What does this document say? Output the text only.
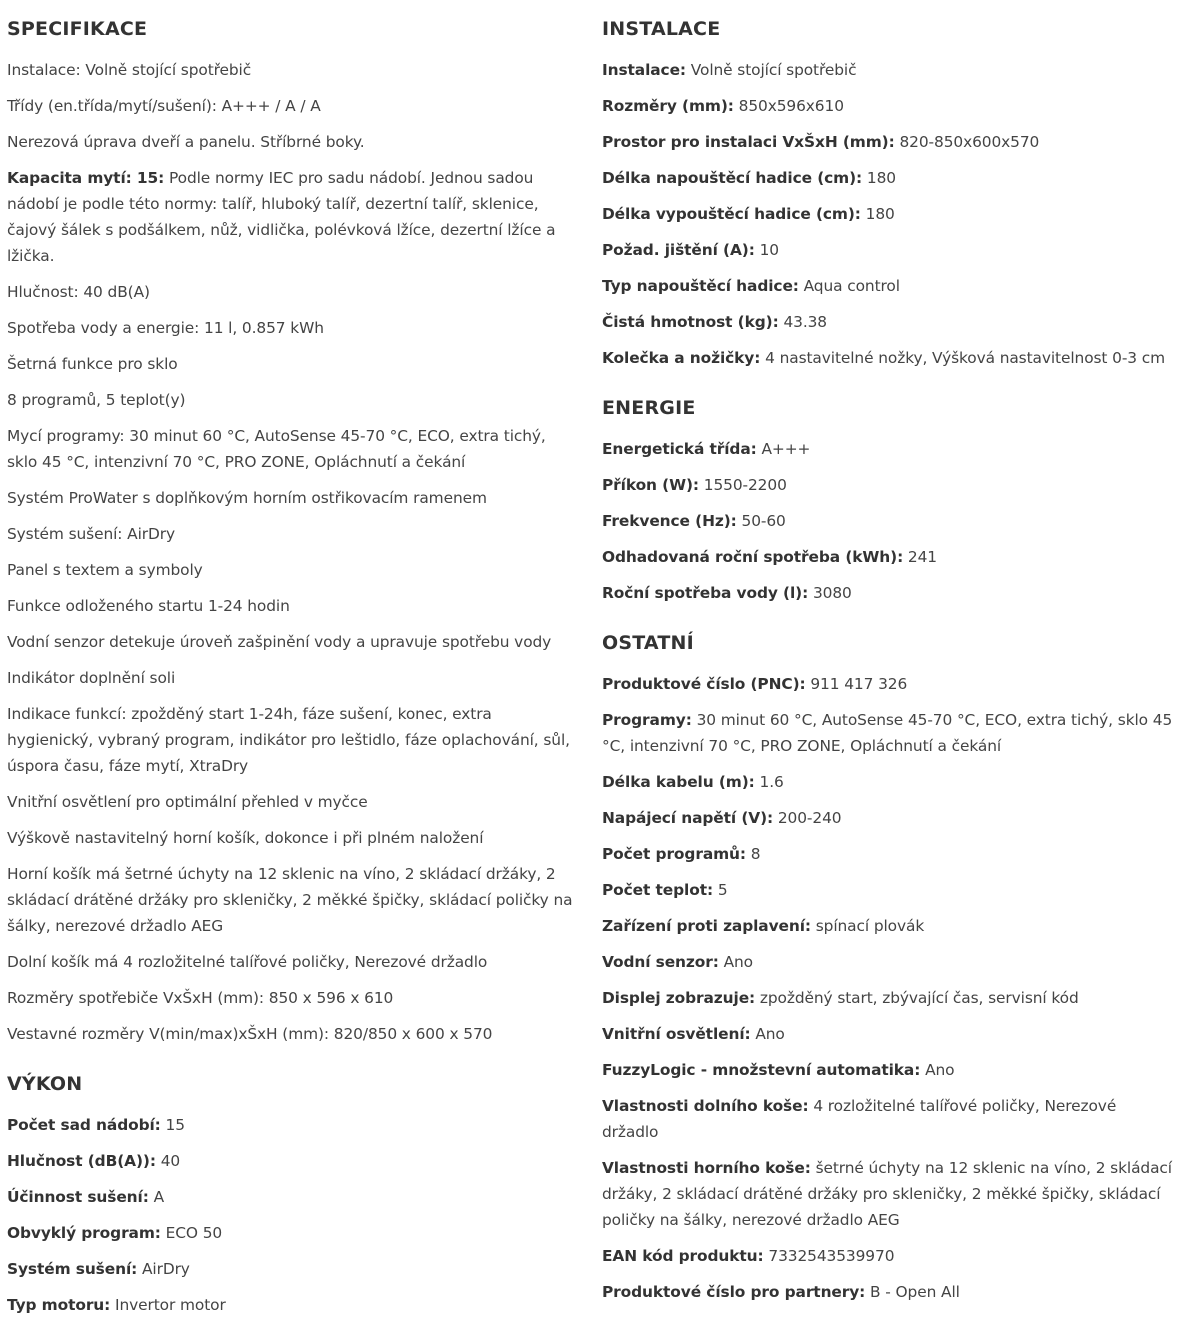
SPECIFIKACE
Instalace: Volně stojící spotřebič
Třídy (en.třída/mytí/sušení): A+++ / A / A
Nerezová úprava dveří a panelu. Stříbrné boky.
Kapacita mytí: 15: Podle normy IEC pro sadu nádobí. Jednou sadou nádobí je podle této normy: talíř, hluboký talíř, dezertní talíř, sklenice, čajový šálek s podšálkem, nůž, vidlička, polévková lžíce, dezertní lžíce a lžička.
Hlučnost: 40 dB(A)
Spotřeba vody a energie: 11 l, 0.857 kWh
Šetrná funkce pro sklo
8 programů, 5 teplot(y)
Mycí programy: 30 minut 60 °C, AutoSense 45-70 °C, ECO, extra tichý, sklo 45 °C, intenzivní 70 °C, PRO ZONE, Opláchnutí a čekání
Systém ProWater s doplňkovým horním ostřikovacím ramenem
Systém sušení: AirDry
Panel s textem a symboly
Funkce odloženého startu 1-24 hodin
Vodní senzor detekuje úroveň zašpinění vody a upravuje spotřebu vody
Indikátor doplnění soli
Indikace funkcí: zpožděný start 1-24h, fáze sušení, konec, extra hygienický, vybraný program, indikátor pro leštidlo, fáze oplachování, sůl, úspora času, fáze mytí, XtraDry
Vnitřní osvětlení pro optimální přehled v myčce
Výškově nastavitelný horní košík, dokonce i při plném naložení
Horní košík má šetrné úchyty na 12 sklenic na víno, 2 skládací držáky, 2 skládací drátěné držáky pro skleničky, 2 měkké špičky, skládací poličky na šálky, nerezové držadlo AEG
Dolní košík má 4 rozložitelné talířové poličky, Nerezové držadlo
Rozměry spotřebiče VxŠxH (mm): 850 x 596 x 610
Vestavné rozměry V(min/max)xŠxH (mm): 820/850 x 600 x 570
VÝKON
Počet sad nádobí: 15
Hlučnost (dB(A)): 40
Účinnost sušení: A
Obvyklý program: ECO 50
Systém sušení: AirDry
Typ motoru: Invertor motor
INSTALACE
Instalace: Volně stojící spotřebič
Rozměry (mm): 850x596x610
Prostor pro instalaci VxŠxH (mm): 820-850x600x570
Délka napouštěcí hadice (cm): 180
Délka vypouštěcí hadice (cm): 180
Požad. jištění (A): 10
Typ napouštěcí hadice: Aqua control
Čistá hmotnost (kg): 43.38
Kolečka a nožičky: 4 nastavitelné nožky, Výšková nastavitelnost 0-3 cm
ENERGIE
Energetická třída: A+++
Příkon (W): 1550-2200
Frekvence (Hz): 50-60
Odhadovaná roční spotřeba (kWh): 241
Roční spotřeba vody (l): 3080
OSTATNÍ
Produktové číslo (PNC): 911 417 326
Programy: 30 minut 60 °C, AutoSense 45-70 °C, ECO, extra tichý, sklo 45 °C, intenzivní 70 °C, PRO ZONE, Opláchnutí a čekání
Délka kabelu (m): 1.6
Napájecí napětí (V): 200-240
Počet programů: 8
Počet teplot: 5
Zařízení proti zaplavení: spínací plovák
Vodní senzor: Ano
Displej zobrazuje: zpožděný start, zbývající čas, servisní kód
Vnitřní osvětlení: Ano
FuzzyLogic - množstevní automatika: Ano
Vlastnosti dolního koše: 4 rozložitelné talířové poličky, Nerezové držadlo
Vlastnosti horního koše: šetrné úchyty na 12 sklenic na víno, 2 skládací držáky, 2 skládací drátěné držáky pro skleničky, 2 měkké špičky, skládací poličky na šálky, nerezové držadlo AEG
EAN kód produktu: 7332543539970
Produktové číslo pro partnery: B - Open All
